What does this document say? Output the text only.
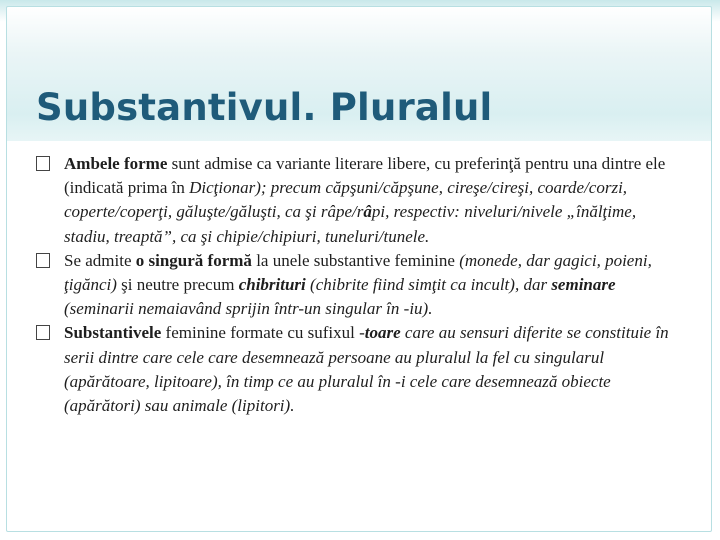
Substantivul. Pluralul

Ambele forme sunt admise ca variante literare libere, cu preferinţă pentru una dintre ele (indicată prima în Dicţionar); precum căpşuni/căpşune, cireşe/cireşi, coarde/corzi, coperte/coperţi, găluşte/găluşti, ca şi râpe/râpi, respectiv: niveluri/nivele „înălţime, stadiu, treaptă”, ca şi chipie/chipiuri, tuneluri/tunele.

Se admite o singură formă la unele substantive feminine (monede, dar gagici, poieni, ţigănci) şi neutre precum chibrituri (chibrite fiind simţit ca incult), dar seminare (seminarii nemaiavând sprijin într-un singular în -iu).

Substantivele feminine formate cu sufixul -toare care au sensuri diferite se constituie în serii dintre care cele care desemnează persoane au pluralul la fel cu singularul (apărătoare, lipitoare), în timp ce au pluralul în -i cele care desemnează obiecte (apărători) sau animale (lipitori).
